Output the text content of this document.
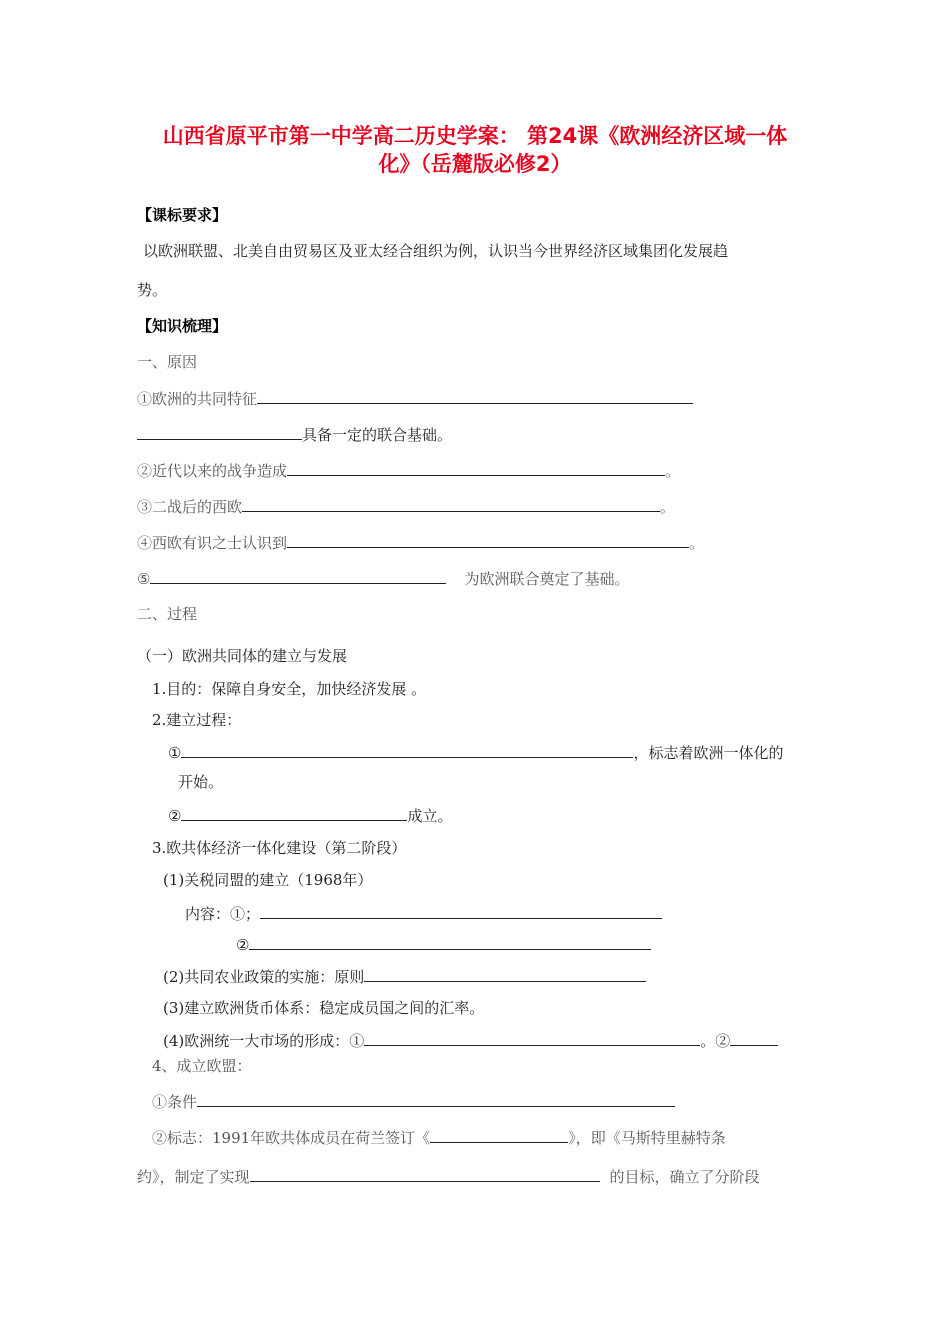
山西省原平市第一中学高二历史学案： 第24课《欧洲经济区域一体
化》（岳麓版必修2）
【课标要求】
以欧洲联盟、北美自由贸易区及亚太经合组织为例，认识当今世界经济区域集团化发展趋
势。
【知识梳理】
一、原因
①欧洲的共同特征
具备一定的联合基础。
②近代以来的战争造成	。
③二战后的西欧	。
④西欧有识之士认识到	。
⑤	为欧洲联合奠定了基础。
二、过程
（一）欧洲共同体的建立与发展
1.目的：保障自身安全，加快经济发展 。
2.建立过程：
①	，标志着欧洲一体化的
开始。
②	成立。
3.欧共体经济一体化建设（第二阶段）
(1)关税同盟的建立（1968年）
内容：①；
②
(2)共同农业政策的实施：原则
(3)建立欧洲货币体系：稳定成员国之间的汇率。
(4)欧洲统一大市场的形成：①	。②
4、成立欧盟：
①条件
②标志：1991年欧共体成员在荷兰签订《	》，即《马斯特里赫特条
约》，制定了实现	的目标，确立了分阶段
